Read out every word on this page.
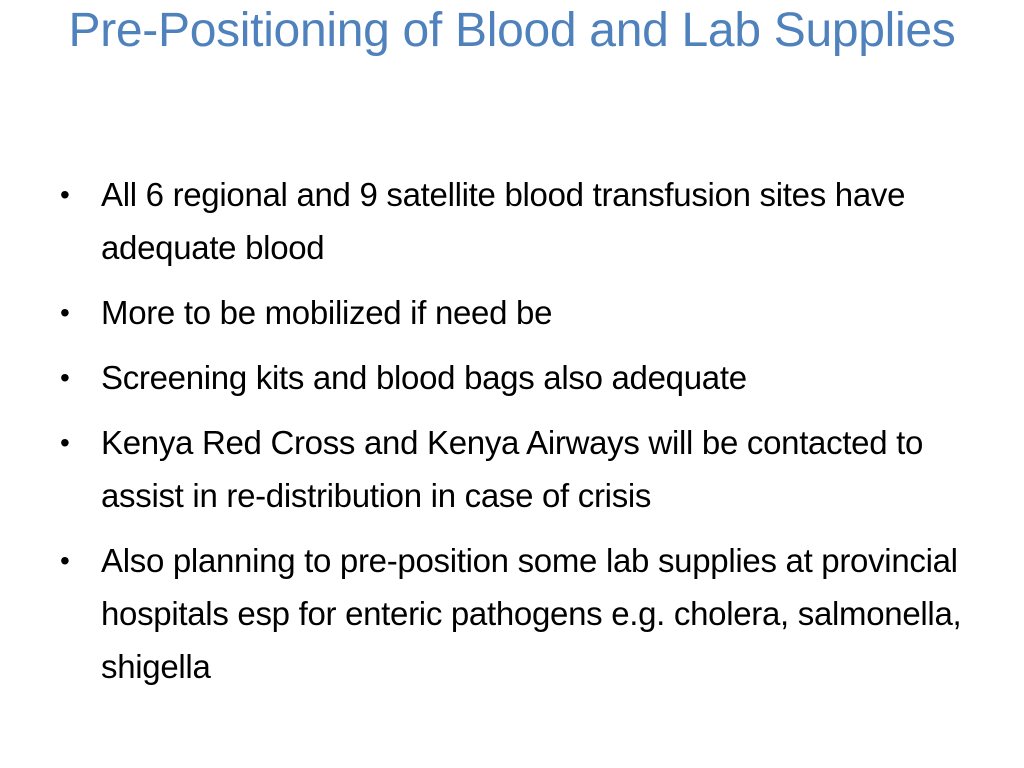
Pre-Positioning of Blood and Lab Supplies
• All 6 regional and 9 satellite blood transfusion sites have adequate blood
• More to be mobilized if need be
• Screening kits and blood bags also adequate
• Kenya Red Cross and Kenya Airways will be contacted to assist in re-distribution in case of crisis
• Also planning to pre-position some lab supplies at provincial hospitals esp for enteric pathogens e.g. cholera, salmonella, shigella
